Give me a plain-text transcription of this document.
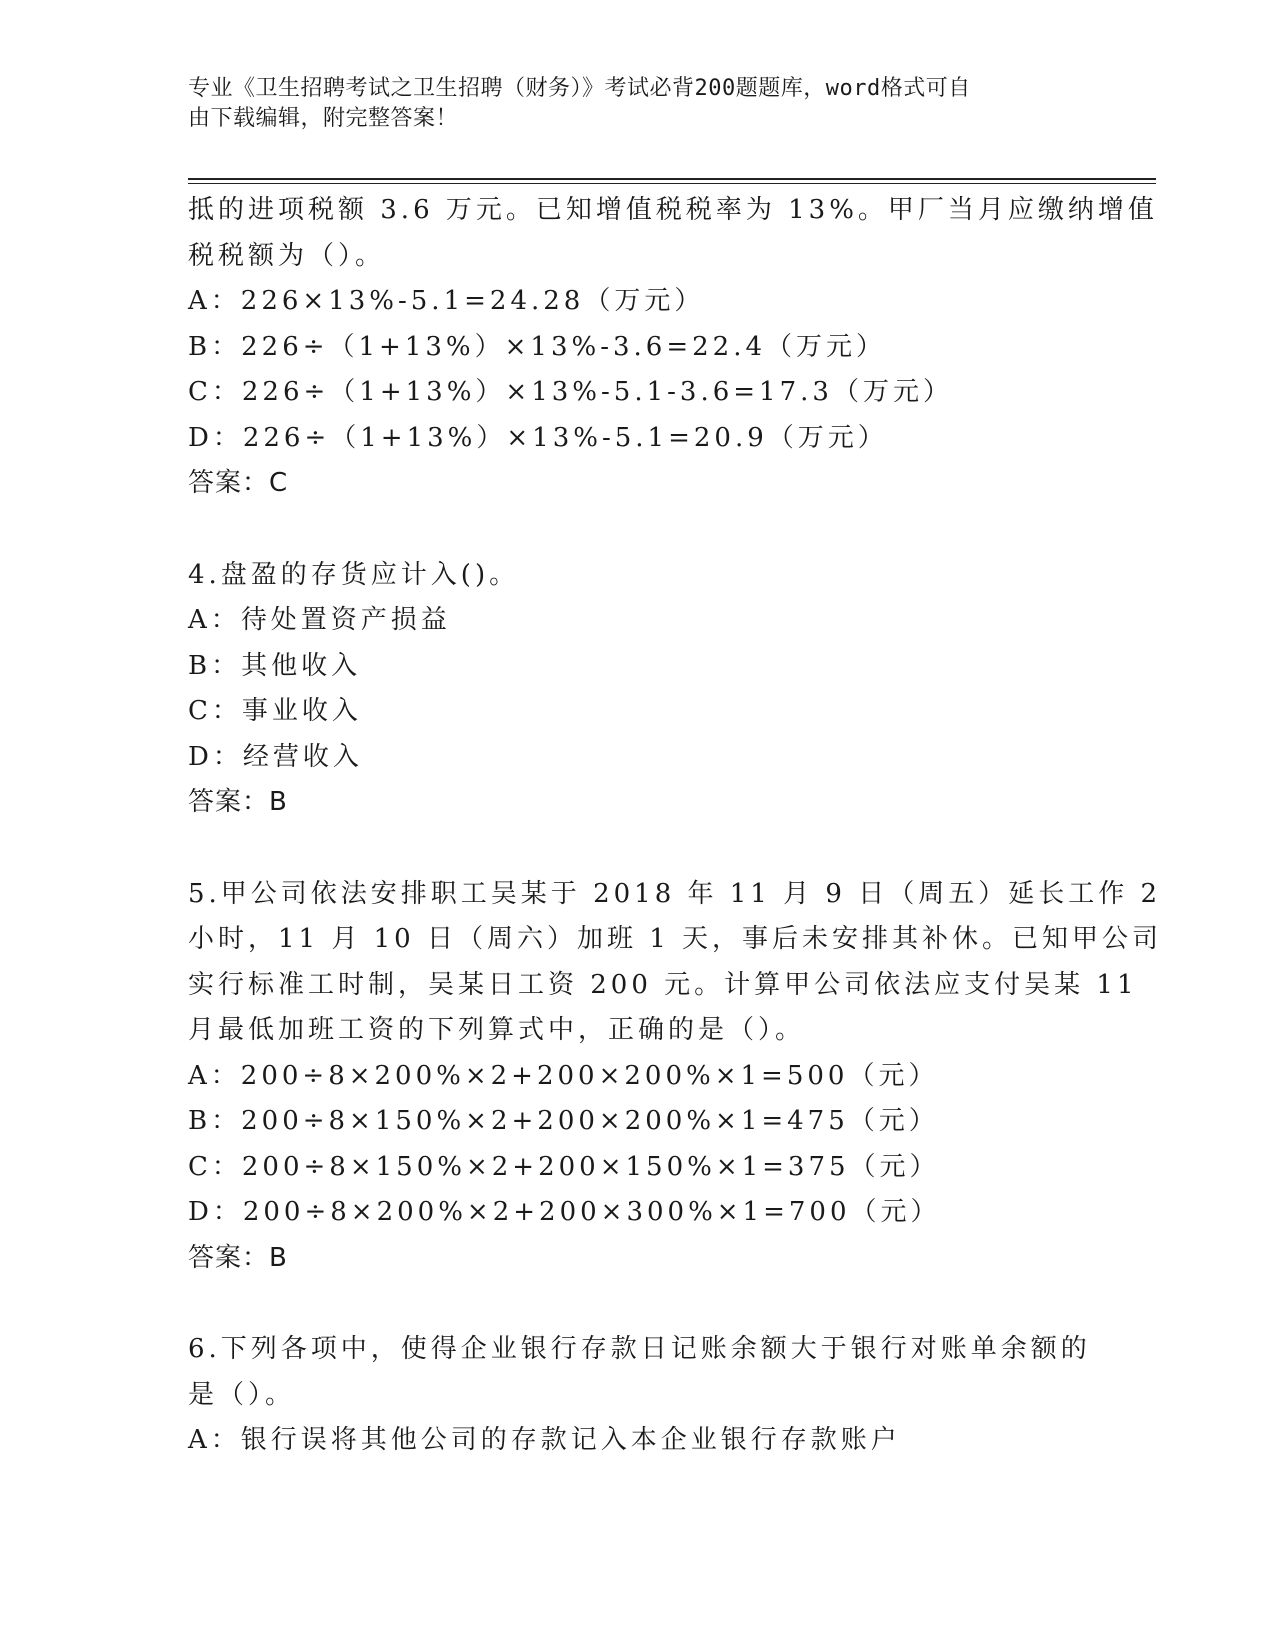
专业《卫生招聘考试之卫生招聘（财务）》考试必背200题题库，word格式可自
由下载编辑，附完整答案！
抵的进项税额 3.6 万元。已知增值税税率为 13%。甲厂当月应缴纳增值
税税额为（）。
A：226×13%-5.1=24.28（万元）
B：226÷（1+13%）×13%-3.6=22.4（万元）
C：226÷（1+13%）×13%-5.1-3.6=17.3（万元）
D：226÷（1+13%）×13%-5.1=20.9（万元）
答案：C
4.盘盈的存货应计入()。
A：待处置资产损益
B：其他收入
C：事业收入
D：经营收入
答案：B
5.甲公司依法安排职工吴某于 2018 年 11 月 9 日（周五）延长工作 2
小时，11 月 10 日（周六）加班 1 天，事后未安排其补休。已知甲公司
实行标准工时制，吴某日工资 200 元。计算甲公司依法应支付吴某 11
月最低加班工资的下列算式中，正确的是（）。
A：200÷8×200%×2+200×200%×1=500（元）
B：200÷8×150%×2+200×200%×1=475（元）
C：200÷8×150%×2+200×150%×1=375（元）
D：200÷8×200%×2+200×300%×1=700（元）
答案：B
6.下列各项中，使得企业银行存款日记账余额大于银行对账单余额的
是（）。
A：银行误将其他公司的存款记入本企业银行存款账户
